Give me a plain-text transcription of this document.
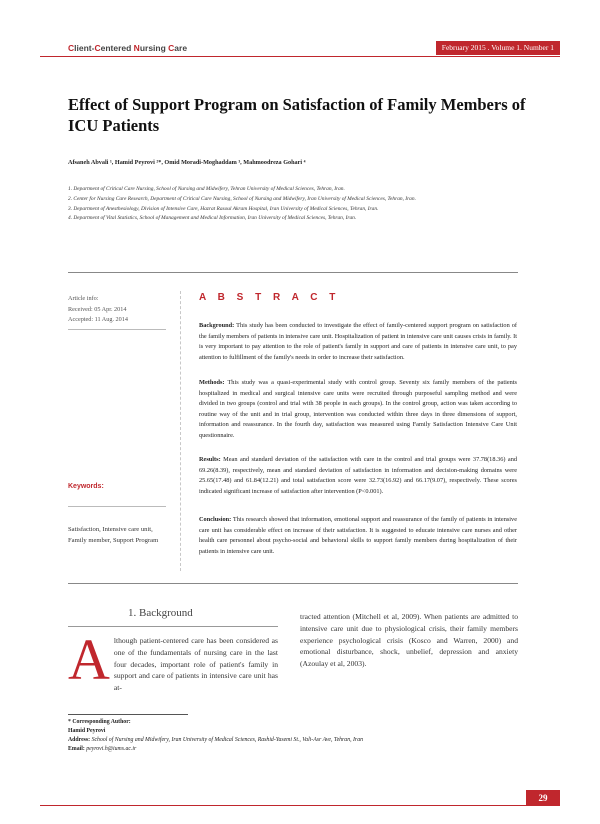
Client-Centered Nursing Care	February 2015 . Volume 1. Number 1
Effect of Support Program on Satisfaction of Family Members of ICU Patients
Afsaneh Abvali ¹, Hamid Peyrovi ²*, Omid Moradi-Moghaddam ³, Mahmoodreza Gohari ⁴
1. Department of Critical Care Nursing, School of Nursing and Midwifery, Tehran University of Medical Sciences, Tehran, Iran.
2. Center for Nursing Care Research, Department of Critical Care Nursing, School of Nursing and Midwifery, Iran University of Medical Sciences, Tehran, Iran.
3. Department of Anesthesiology, Division of Intensive Care, Hazrat Rasoul Akram Hospital, Iran University of Medical Sciences, Tehran, Iran.
4. Department of Vital Statistics, School of Management and Medical Information, Iran University of Medical Sciences, Tehran, Iran.
Article info:
Received: 05 Apr. 2014
Accepted: 11 Aug. 2014
Keywords:
Satisfaction, Intensive care unit, Family member, Support Program
A B S T R A C T
Background: This study has been conducted to investigate the effect of family-centered support program on satisfaction of the family members of patients in intensive care unit. Hospitalization of patient in intensive care unit causes crisis in family. It is very important to pay attention to the role of patient's family in support and care of patients in intensive care unit, to pay attention to fulfillment of the family's needs in order to increase their satisfaction.
Methods: This study was a quasi-experimental study with control group. Seventy six family members of the patients hospitalized in medical and surgical intensive care units were recruited through purposeful sampling method and were divided in two groups (control and trial with 38 people in each groups). In the control group, action was taken according to routine way of the unit and in trial group, intervention was conducted within three days in three dimensions of support, information and reassurance. In the fourth day, satisfaction was measured using Family Satisfaction Intensive Care Unit questionnaire.
Results: Mean and standard deviation of the satisfaction with care in the control and trial groups were 37.78(18.36) and 69.26(8.39), respectively, mean and standard deviation of satisfaction in information and decision-making domains were 25.65(17.48) and 61.84(12.21) and total satisfaction score were 32.73(16.92) and 66.17(9.07), respectively. These scores indicated significant increase of satisfaction after intervention (P<0.001).
Conclusion: This research showed that information, emotional support and reassurance of the family of patients in intensive care unit has considerable effect on increase of their satisfaction. It is suggested to educate intensive care nurses and other health care personnel about psycho-social and behavioral skills to support family members during hospitalization of their patients in intensive care unit.
1. Background
Although patient-centered care has been considered as one of the fundamentals of nursing care in the last four decades, important role of patient's family in support and care of patients in intensive care unit has at-
tracted attention (Mitchell et al, 2009). When patients are admitted to intensive care unit due to physiological crisis, their family members experience psychological crisis (Kosco and Warren, 2000) and emotional disturbance, shock, unbelief, depression and anxiety (Azoulay et al, 2003).
* Corresponding Author:
Hamid Peyrovi
Address: School of Nursing and Midwifery, Iran University of Medical Sciences, Rashid-Yasemi St., Vali-Asr Ave, Tehran, Iran
Email: peyrovi.h@iums.ac.ir
29
